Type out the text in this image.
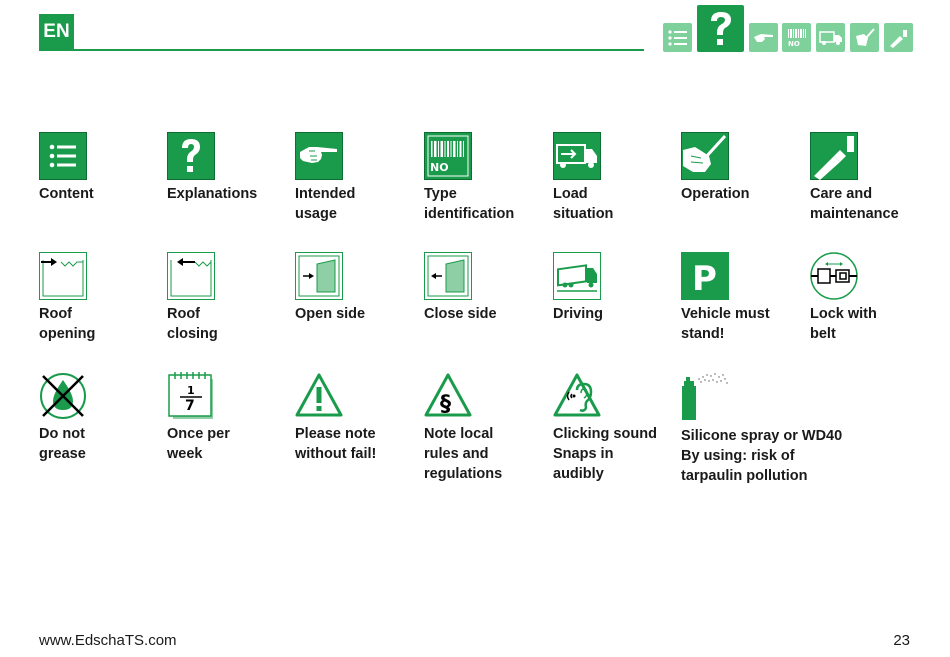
EN
NO
Content	Explanations	Intended
usage
NO
Type
identification
Load
situation
Operation	Care and
maintenance
Roof
opening
Roof
closing
Open side	Close side	Driving
P
Vehicle must
stand!
Lock with
belt
Do not
grease
1
7
Once per
week
Please note
without fail!
§
Note local
rules and
regulations
Clicking sound
Snaps in
audibly
Silicone spray or WD40
By using: risk of
tarpaulin pollution
www.EdschaTS.com	23
